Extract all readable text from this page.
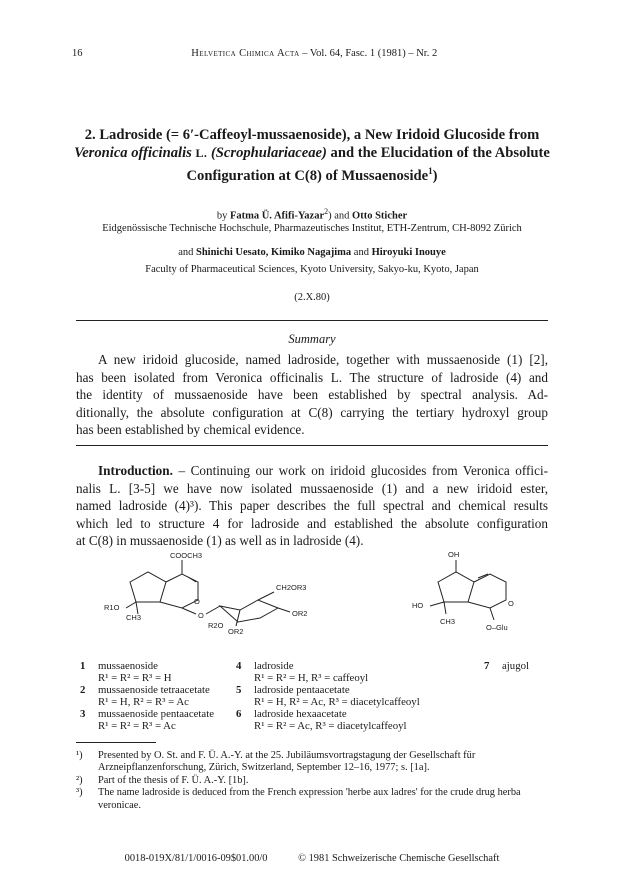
16	Helvetica Chimica Acta – Vol. 64, Fasc. 1 (1981) – Nr. 2
2. Ladroside (= 6′-Caffeoyl-mussaenoside), a New Iridoid Glucoside from
Veronica officinalis L. (Scrophulariaceae) and the Elucidation of the Absolute
Configuration at C(8) of Mussaenoside$^1$)
by Fatma Ü. Afifi-Yazar$^2$) and Otto Sticher
Eidgenössische Technische Hochschule, Pharmazeutisches Institut, ETH-Zentrum, CH-8092 Zürich
and Shinichi Uesato, Kimiko Nagajima and Hiroyuki Inouye
Faculty of Pharmaceutical Sciences, Kyoto University, Sakyo-ku, Kyoto, Japan
(2.X.80)
Summary
A new iridoid glucoside, named ladroside, together with mussaenoside (1) [2],
has been isolated from Veronica officinalis L. The structure of ladroside (4) and
the identity of mussaenoside have been established by spectral analysis. Ad-
ditionally, the absolute configuration at C(8) carrying the tertiary hydroxyl group
has been established by chemical evidence.
Introduction. – Continuing our work on iridoid glucosides from Veronica offici-
nalis L. [3-5] we have now isolated mussaenoside (1) and a new iridoid ester,
named ladroside (4)³). This paper describes the full spectral and chemical results
which led to structure 4 for ladroside and established the absolute configuration
at C(8) in mussaenoside (1) as well as in ladroside (4).
COOCH3
R1O
CH3
O
O
CH2OR3
OR2
R2O
OR2
OH
HO
CH3
O
O–Glu
1 mussaenoside
R¹ = R² = R³ = H
2 mussaenoside tetraacetate
R¹ = H, R² = R³ = Ac
3 mussaenoside pentaacetate
R¹ = R² = R³ = Ac
4 ladroside
R¹ = R² = H, R³ = caffeoyl
5 ladroside pentaacetate
R¹ = H, R² = Ac, R³ = diacetylcaffeoyl
6 ladroside hexaacetate
R¹ = R² = Ac, R³ = diacetylcaffeoyl
7 ajugol
¹) Presented by O. St. and F. Ü. A.-Y. at the 25. Jubiläumsvortragstagung der Gesellschaft für Arzneipflanzenforschung, Zürich, Switzerland, September 12–16, 1977; s. [1a].
²) Part of the thesis of F. Ü. A.-Y. [1b].
³) The name ladroside is deduced from the French expression 'herbe aux ladres' for the crude drug herba veronicae.
0018-019X/81/1/0016-09$01.00/0	© 1981 Schweizerische Chemische Gesellschaft
